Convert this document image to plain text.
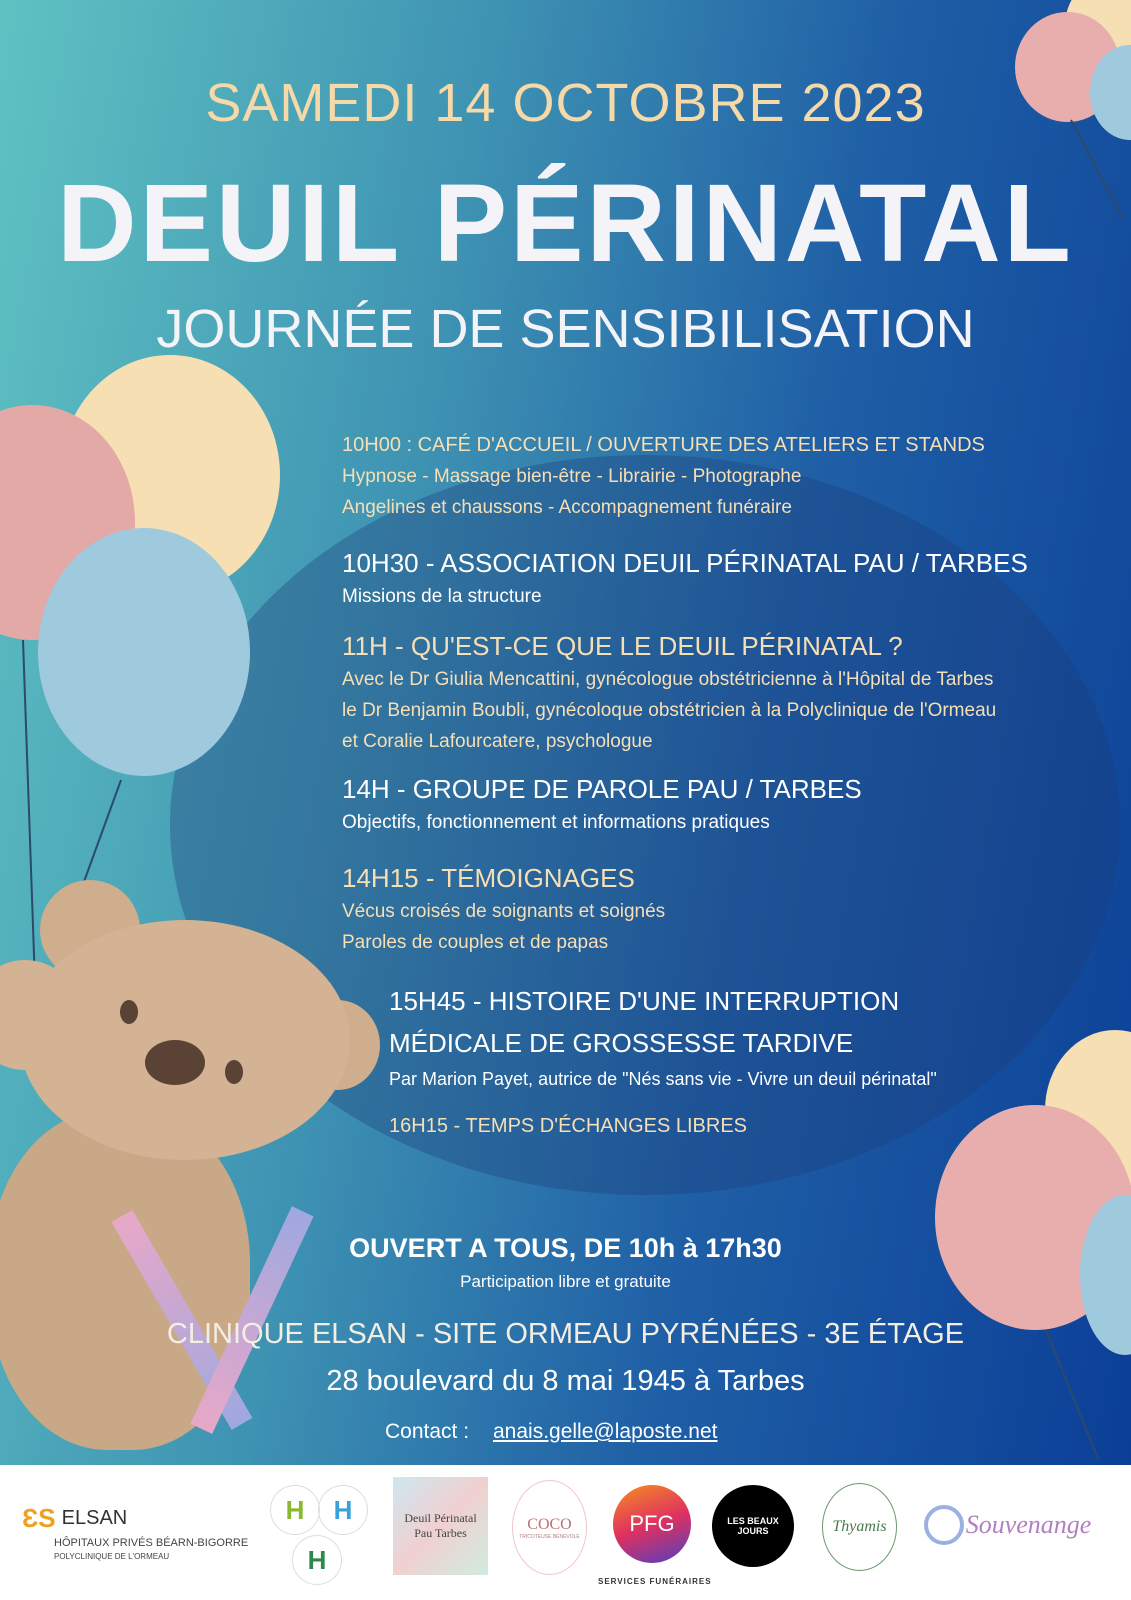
SAMEDI 14 OCTOBRE 2023
DEUIL PÉRINATAL
JOURNÉE DE SENSIBILISATION
10H00 : CAFÉ D'ACCUEIL / OUVERTURE DES ATELIERS ET STANDS
Hypnose - Massage bien-être - Librairie - Photographe
Angelines et chaussons - Accompagnement funéraire
10H30 - ASSOCIATION DEUIL PÉRINATAL PAU / TARBES
Missions de la structure
11H - QU'EST-CE QUE LE DEUIL PÉRINATAL ?
Avec le Dr Giulia Mencattini, gynécologue obstétricienne à l'Hôpital de Tarbes
le Dr Benjamin Boubli, gynécoloque obstétricien à la Polyclinique de l'Ormeau
et Coralie Lafourcatere, psychologue
14H - GROUPE DE PAROLE PAU / TARBES
Objectifs, fonctionnement et informations pratiques
14H15 - TÉMOIGNAGES
Vécus croisés de soignants et soignés
Paroles de couples et de papas
15H45 - HISTOIRE D'UNE INTERRUPTION
MÉDICALE DE GROSSESSE TARDIVE
Par Marion Payet, autrice de "Nés sans vie - Vivre un deuil périnatal"
16H15 - TEMPS D'ÉCHANGES LIBRES
OUVERT A TOUS, DE 10h à 17h30
Participation libre et gratuite
CLINIQUE ELSAN - SITE ORMEAU PYRÉNÉES - 3E ÉTAGE
28 boulevard du 8 mai 1945 à Tarbes
Contact : anais.gelle@laposte.net
ƐS ELSAN
HÔPITAUX PRIVÉS BÉARN-BIGORRE
POLYCLINIQUE DE L'ORMEAU
H	H
H
Deuil Périnatal Pau Tarbes
COCO
TRICOTEUSE BÉNÉVOLE
PFG
SERVICES FUNÉRAIRES
LES BEAUX JOURS	Thyamis	Souvenange
